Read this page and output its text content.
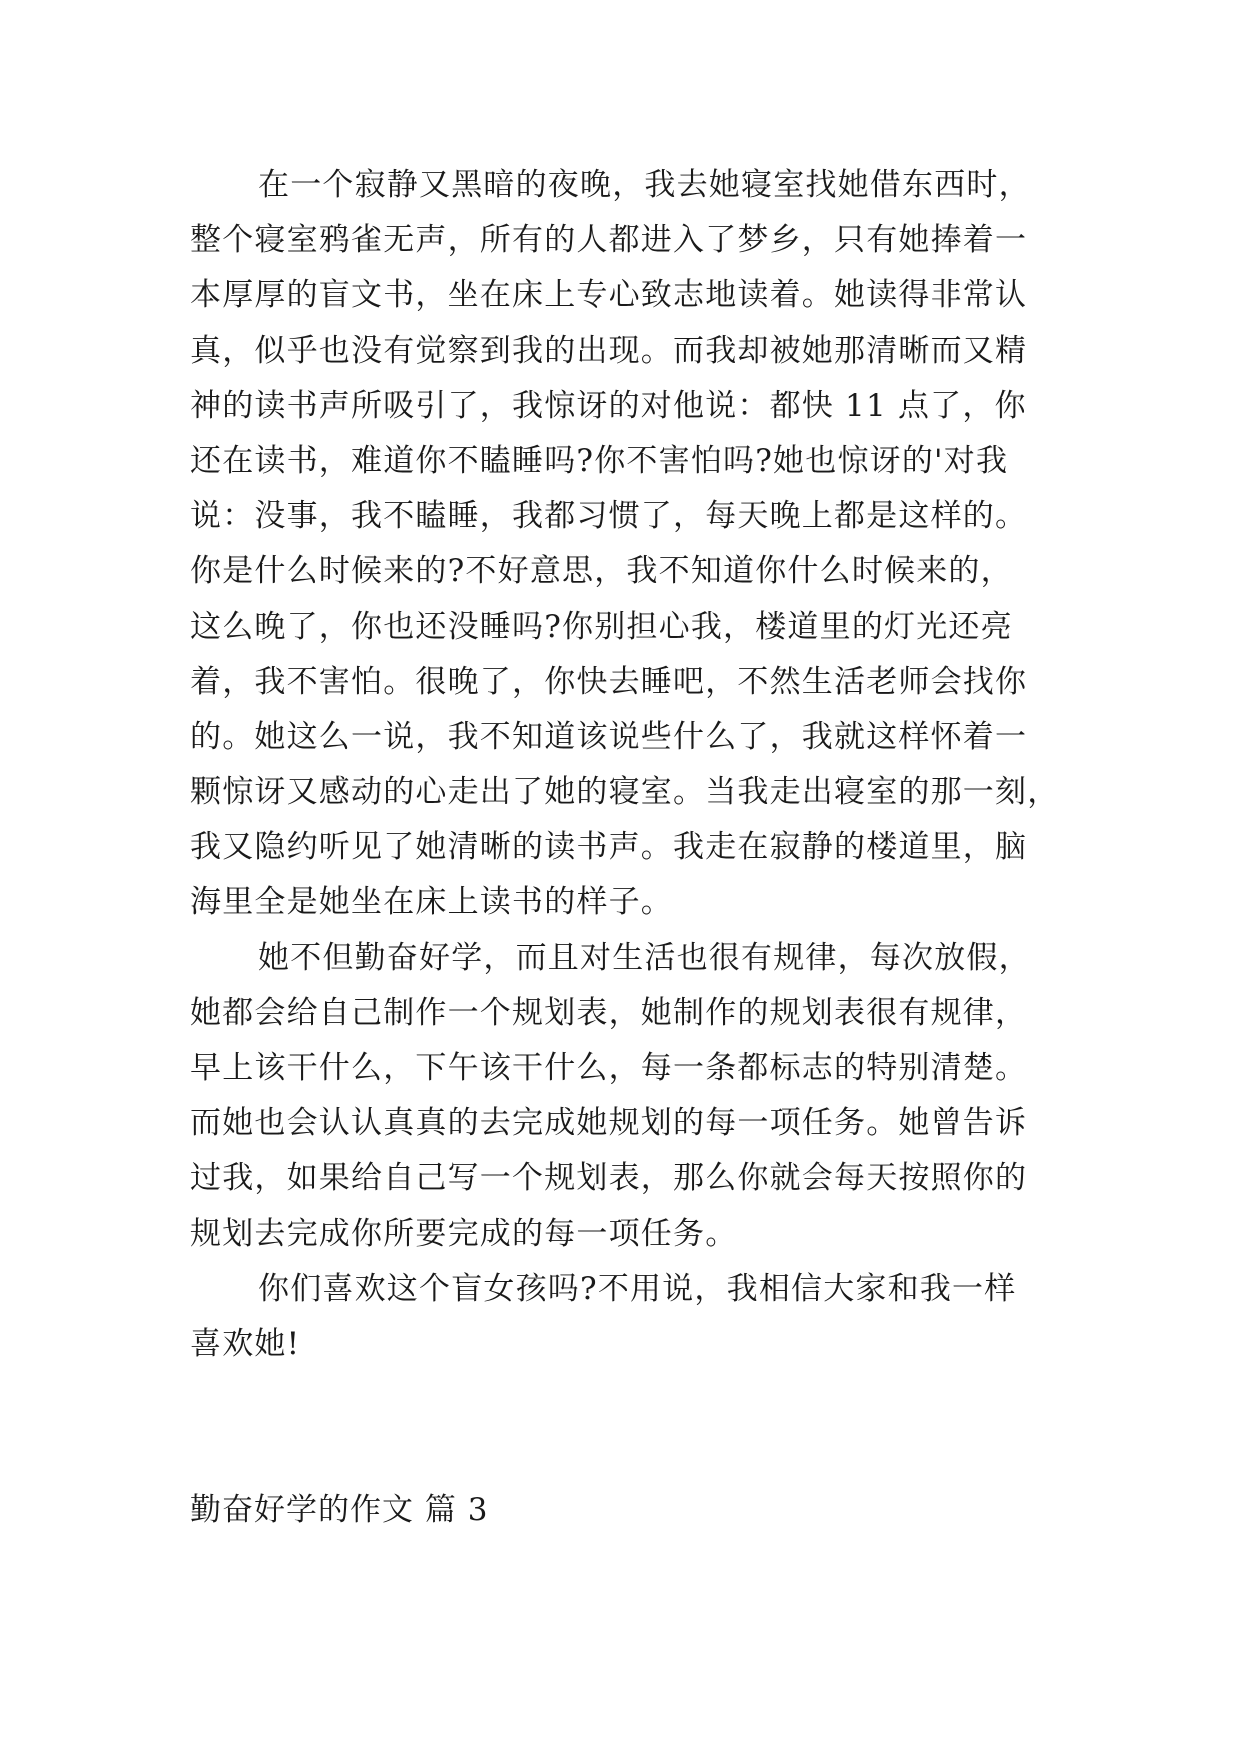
在一个寂静又黑暗的夜晚，我去她寝室找她借东西时，

整个寝室鸦雀无声，所有的人都进入了梦乡，只有她捧着一

本厚厚的盲文书，坐在床上专心致志地读着。她读得非常认

真，似乎也没有觉察到我的出现。而我却被她那清晰而又精

神的读书声所吸引了，我惊讶的对他说：都快 11 点了，你

还在读书，难道你不瞌睡吗?你不害怕吗?她也惊讶的'对我

说：没事，我不瞌睡，我都习惯了，每天晚上都是这样的。

你是什么时候来的?不好意思，我不知道你什么时候来的，

这么晚了，你也还没睡吗?你别担心我，楼道里的灯光还亮

着，我不害怕。很晚了，你快去睡吧，不然生活老师会找你

的。她这么一说，我不知道该说些什么了，我就这样怀着一

颗惊讶又感动的心走出了她的寝室。当我走出寝室的那一刻，

我又隐约听见了她清晰的读书声。我走在寂静的楼道里，脑

海里全是她坐在床上读书的样子。

她不但勤奋好学，而且对生活也很有规律，每次放假，

她都会给自己制作一个规划表，她制作的规划表很有规律，

早上该干什么，下午该干什么，每一条都标志的特别清楚。

而她也会认认真真的去完成她规划的每一项任务。她曾告诉

过我，如果给自己写一个规划表，那么你就会每天按照你的

规划去完成你所要完成的每一项任务。

你们喜欢这个盲女孩吗?不用说，我相信大家和我一样

喜欢她!

勤奋好学的作文 篇 3
